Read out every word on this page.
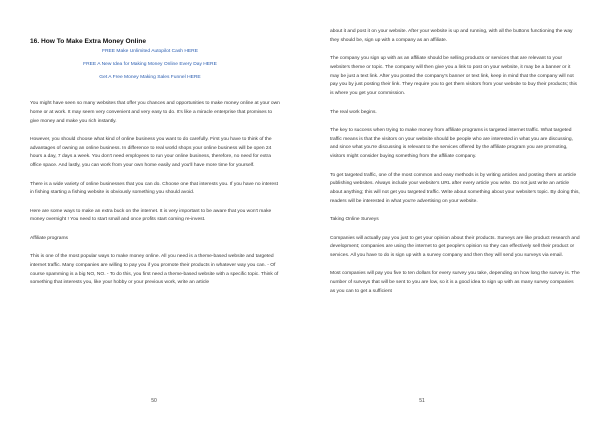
16. How To Make Extra Money Online
FREE Make Unlimited Autopilot Cash HERE
FREE A New Idea for Making Money Online Every Day HERE
Get A Free Money Making Sales Funnel HERE

You might have seen so many websites that offer you chances and opportunities to make money online at your own home or at work. It may seem very convenient and very easy to do. It's like a miracle enterprise that promises to give money and make you rich instantly.

However, you should choose what kind of online business you want to do carefully. First you have to think of the advantages of owning an online business. In difference to real world shops your online business will be open 24 hours a day, 7 days a week. You don't need employees to run your online business, therefore, no need for extra office space. And lastly, you can work from your own home easily and you'll have more time for yourself.

There is a wide variety of online businesses that you can do. Choose one that interests you. If you have no interest in fishing starting a fishing website is obviously something you should avoid.

Here are some ways to make an extra buck on the internet. It is very important to be aware that you won't make money overnight ! You need to start small and once profits start coming re-invest.

Affiliate programs

This is one of the most popular ways to make money online. All you need is a theme-based website and targeted internet traffic. Many companies are willing to pay you if you promote their products in whatever way you can. - Of course spamming is a big NO, NO. - To do this, you first need a theme-based website with a specific topic. Think of something that interests you, like your hobby or your previous work, write an article

50

about it and post it on your website. After your website is up and running, with all the buttons functioning the way they should be, sign up with a company as an affiliate.

The company you sign up with as an affiliate should be selling products or services that are relevant to your website's theme or topic. The company will then give you a link to post on your website, it may be a banner or it may be just a text link. After you posted the company's banner or text link, keep in mind that the company will not pay you by just posting their link. They require you to get them visitors from your website to buy their products; this is where you get your commission.

The real work begins.

The key to success when trying to make money from affiliate programs is targeted internet traffic. What targeted traffic means is that the visitors on your website should be people who are interested in what you are discussing, and since what you're discussing is relevant to the services offered by the affiliate program you are promoting, visitors might consider buying something from the affiliate company.

To get targeted traffic, one of the most common and easy methods is by writing articles and posting them at article publishing websites. Always include your website's URL after every article you write. Do not just write an article about anything; this will not get you targeted traffic. Write about something about your website's topic. By doing this, readers will be interested in what you're advertising on your website.

Taking Online Surveys

Companies will actually pay you just to get your opinion about their products. Surveys are like product research and development; companies are using the internet to get people's opinion so they can effectively sell their product or services. All you have to do is sign up with a survey company and then they will send you surveys via email.

Most companies will pay you five to ten dollars for every survey you take, depending on how long the survey is. The number of surveys that will be sent to you are low, so it is a good idea to sign up with as many survey companies as you can to get a sufficient

51
